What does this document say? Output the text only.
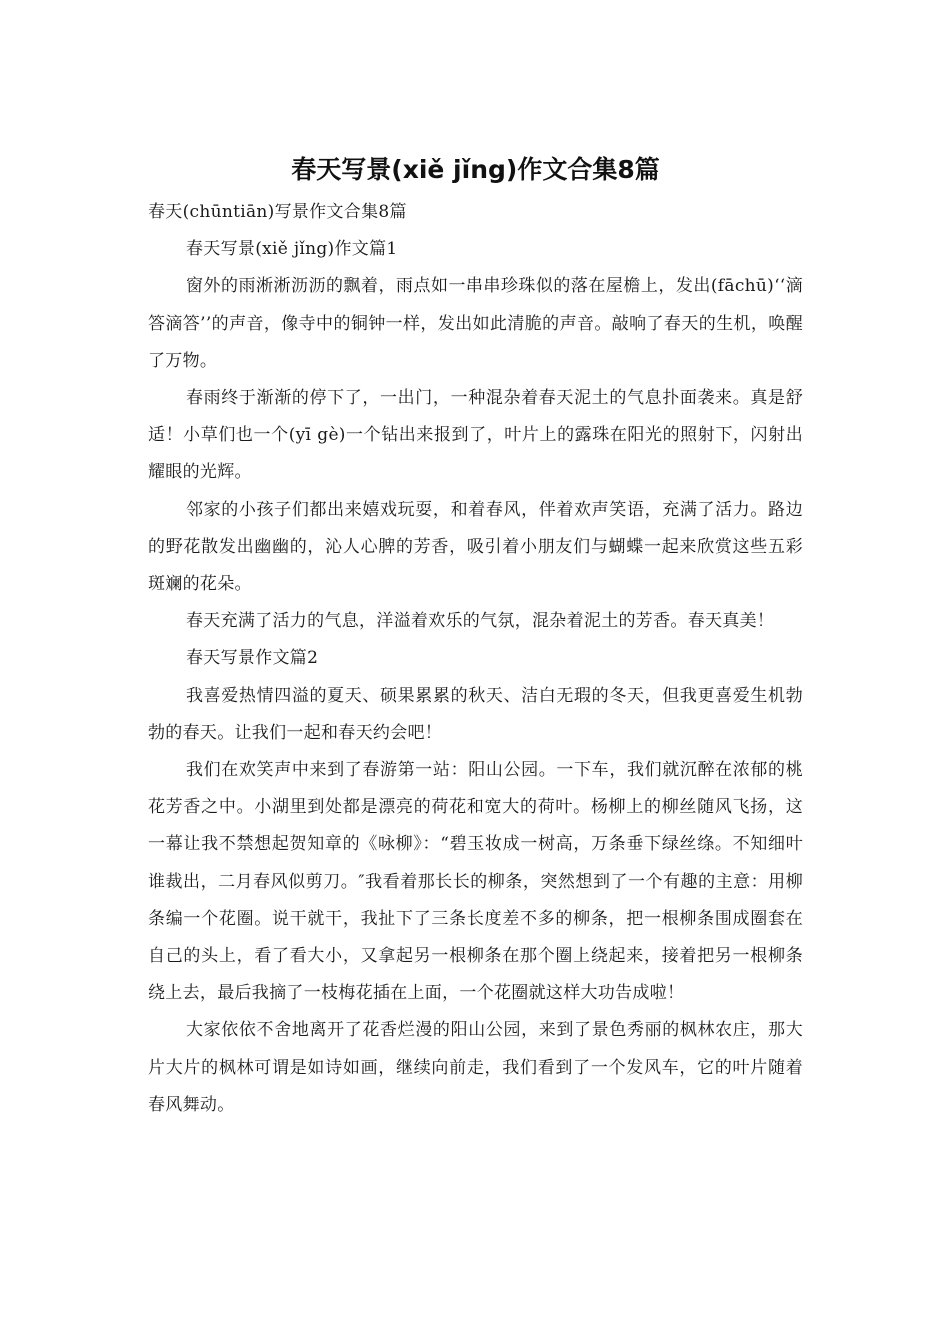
春天写景(xiě jǐng)作文合集8篇

春天(chūntiān)写景作文合集8篇

春天写景(xiě jǐng)作文篇1

窗外的雨淅淅沥沥的飘着，雨点如一串串珍珠似的落在屋檐上，发出(fāchū)‘‘滴答滴答’’的声音，像寺中的铜钟一样，发出如此清脆的声音。敲响了春天的生机，唤醒了万物。

春雨终于渐渐的停下了，一出门，一种混杂着春天泥土的气息扑面袭来。真是舒适！小草们也一个(yī gè)一个钻出来报到了，叶片上的露珠在阳光的照射下，闪射出耀眼的光辉。

邻家的小孩子们都出来嬉戏玩耍，和着春风，伴着欢声笑语，充满了活力。路边的野花散发出幽幽的，沁人心脾的芳香，吸引着小朋友们与蝴蝶一起来欣赏这些五彩斑斓的花朵。

春天充满了活力的气息，洋溢着欢乐的气氛，混杂着泥土的芳香。春天真美！

春天写景作文篇2

我喜爱热情四溢的夏天、硕果累累的秋天、洁白无瑕的冬天，但我更喜爱生机勃勃的春天。让我们一起和春天约会吧！

我们在欢笑声中来到了春游第一站：阳山公园。一下车，我们就沉醉在浓郁的桃花芳香之中。小湖里到处都是漂亮的荷花和宽大的荷叶。杨柳上的柳丝随风飞扬，这一幕让我不禁想起贺知章的《咏柳》：“碧玉妆成一树高，万条垂下绿丝绦。不知细叶谁裁出，二月春风似剪刀。″我看着那长长的柳条，突然想到了一个有趣的主意：用柳条编一个花圈。说干就干，我扯下了三条长度差不多的柳条，把一根柳条围成圈套在自己的头上，看了看大小，又拿起另一根柳条在那个圈上绕起来，接着把另一根柳条绕上去，最后我摘了一枝梅花插在上面，一个花圈就这样大功告成啦！

大家依依不舍地离开了花香烂漫的阳山公园，来到了景色秀丽的枫林农庄，那大片大片的枫林可谓是如诗如画，继续向前走，我们看到了一个发风车，它的叶片随着春风舞动。
